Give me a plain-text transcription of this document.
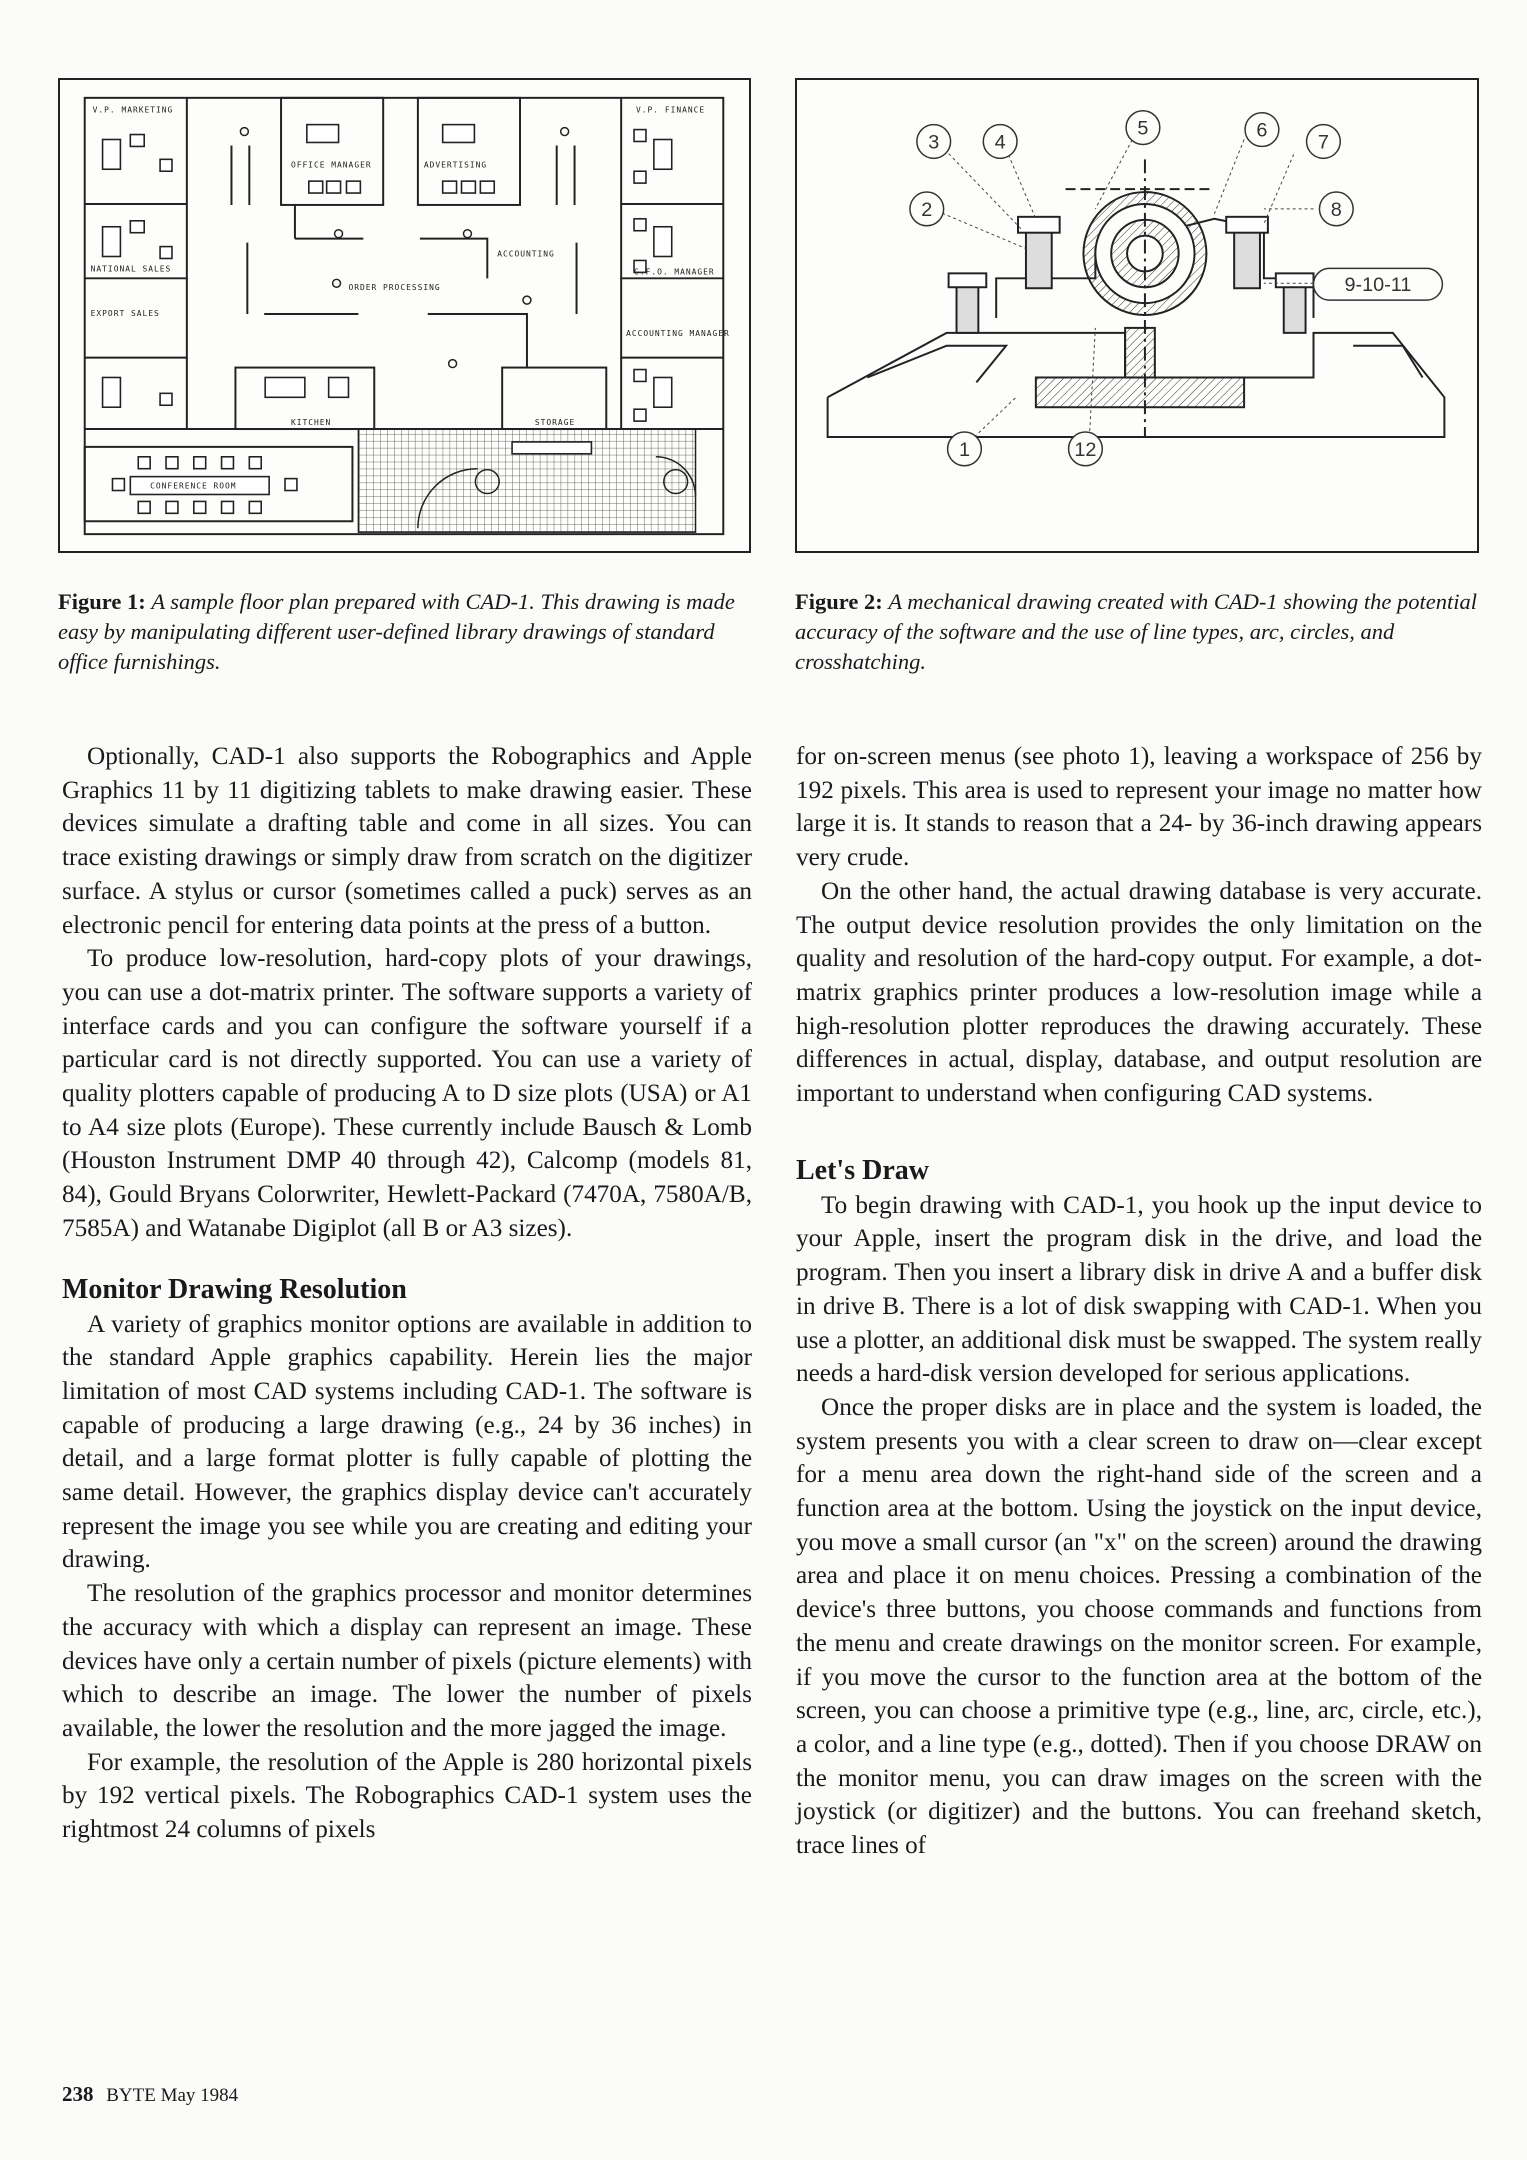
V.P. MARKETING	V.P. FINANCE
OFFICE MANAGER	ADVERTISING
NATIONAL SALES
ACCOUNTING
C.F.O. MANAGER
ORDER PROCESSING
EXPORT SALES
ACCOUNTING MANAGER
KITCHEN	STORAGE
CONFERENCE ROOM
3	4
5	6
7
2	8
9-10-11
1	12
Figure 1: A sample floor plan prepared with CAD-1. This drawing is made easy by manipulating different user-defined library drawings of standard office furnishings.
Figure 2: A mechanical drawing created with CAD-1 showing the potential accuracy of the software and the use of line types, arc, circles, and crosshatching.

Optionally, CAD-1 also supports the Robographics and Apple Graphics 11 by 11 digitizing tablets to make drawing easier. These devices simulate a drafting table and come in all sizes. You can trace existing drawings or simply draw from scratch on the digitizer surface. A stylus or cursor (sometimes called a puck) serves as an electronic pencil for entering data points at the press of a button.

To produce low-resolution, hard-copy plots of your drawings, you can use a dot-matrix printer. The software supports a variety of interface cards and you can configure the software yourself if a particular card is not directly supported. You can use a variety of quality plotters capable of producing A to D size plots (USA) or A1 to A4 size plots (Europe). These currently include Bausch & Lomb (Houston Instrument DMP 40 through 42), Calcomp (models 81, 84), Gould Bryans Colorwriter, Hewlett-Packard (7470A, 7580A/B, 7585A) and Watanabe Digiplot (all B or A3 sizes).

Monitor Drawing Resolution

A variety of graphics monitor options are available in addition to the standard Apple graphics capability. Herein lies the major limitation of most CAD systems including CAD-1. The software is capable of producing a large drawing (e.g., 24 by 36 inches) in detail, and a large format plotter is fully capable of plotting the same detail. However, the graphics display device can't accurately represent the image you see while you are creating and editing your drawing.

The resolution of the graphics processor and monitor determines the accuracy with which a display can represent an image. These devices have only a certain number of pixels (picture elements) with which to describe an image. The lower the number of pixels available, the lower the resolution and the more jagged the image.

For example, the resolution of the Apple is 280 horizontal pixels by 192 vertical pixels. The Robographics CAD-1 system uses the rightmost 24 columns of pixels

for on-screen menus (see photo 1), leaving a workspace of 256 by 192 pixels. This area is used to represent your image no matter how large it is. It stands to reason that a 24- by 36-inch drawing appears very crude.

On the other hand, the actual drawing database is very accurate. The output device resolution provides the only limitation on the quality and resolution of the hard-copy output. For example, a dot-matrix graphics printer produces a low-resolution image while a high-resolution plotter reproduces the drawing accurately. These differences in actual, display, database, and output resolution are important to understand when configuring CAD systems.

Let's Draw

To begin drawing with CAD-1, you hook up the input device to your Apple, insert the program disk in the drive, and load the program. Then you insert a library disk in drive A and a buffer disk in drive B. There is a lot of disk swapping with CAD-1. When you use a plotter, an additional disk must be swapped. The system really needs a hard-disk version developed for serious applications.

Once the proper disks are in place and the system is loaded, the system presents you with a clear screen to draw on—clear except for a menu area down the right-hand side of the screen and a function area at the bottom. Using the joystick on the input device, you move a small cursor (an "x" on the screen) around the drawing area and place it on menu choices. Pressing a combination of the device's three buttons, you choose commands and functions from the menu and create drawings on the monitor screen. For example, if you move the cursor to the function area at the bottom of the screen, you can choose a primitive type (e.g., line, arc, circle, etc.), a color, and a line type (e.g., dotted). Then if you choose DRAW on the monitor menu, you can draw images on the screen with the joystick (or digitizer) and the buttons. You can freehand sketch, trace lines of

238 BYTE May 1984
